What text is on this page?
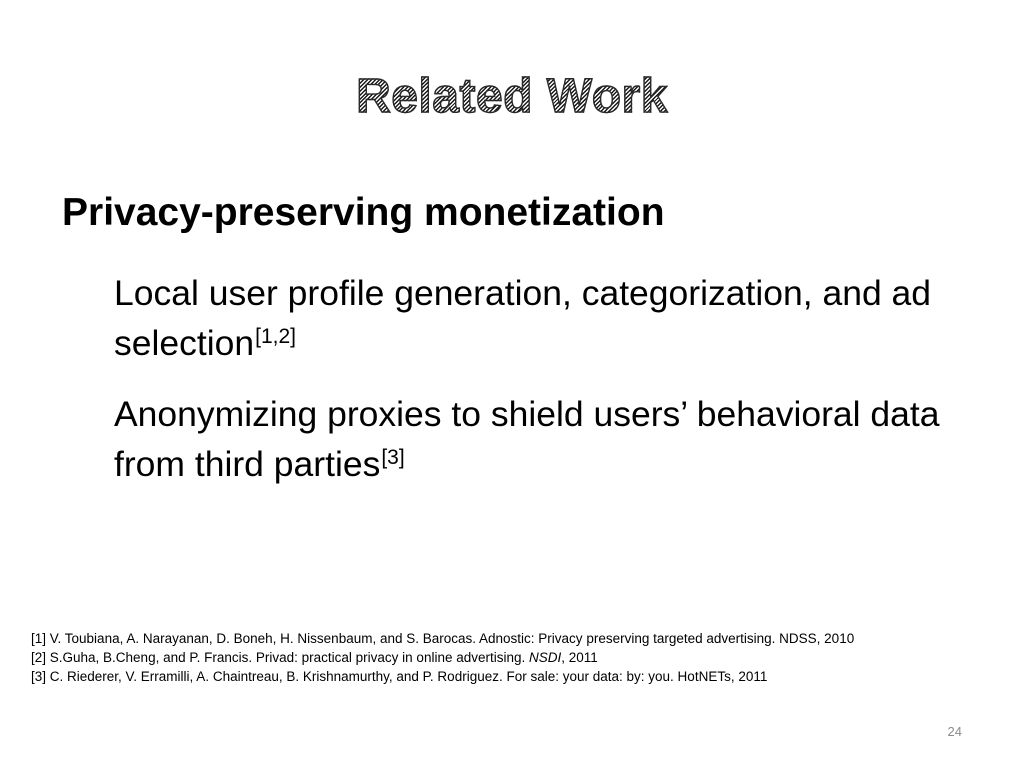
Related Work
Privacy-preserving monetization
Local user profile generation, categorization, and ad selection[1,2]
Anonymizing proxies to shield users’ behavioral data from third parties[3]
[1] V. Toubiana, A. Narayanan, D. Boneh, H. Nissenbaum, and S. Barocas. Adnostic: Privacy preserving targeted advertising. NDSS, 2010
[2] S.Guha, B.Cheng, and P. Francis. Privad: practical privacy in online advertising. NSDI, 2011
[3] C. Riederer, V. Erramilli, A. Chaintreau, B. Krishnamurthy, and P. Rodriguez. For sale: your data: by: you. HotNETs, 2011
24
